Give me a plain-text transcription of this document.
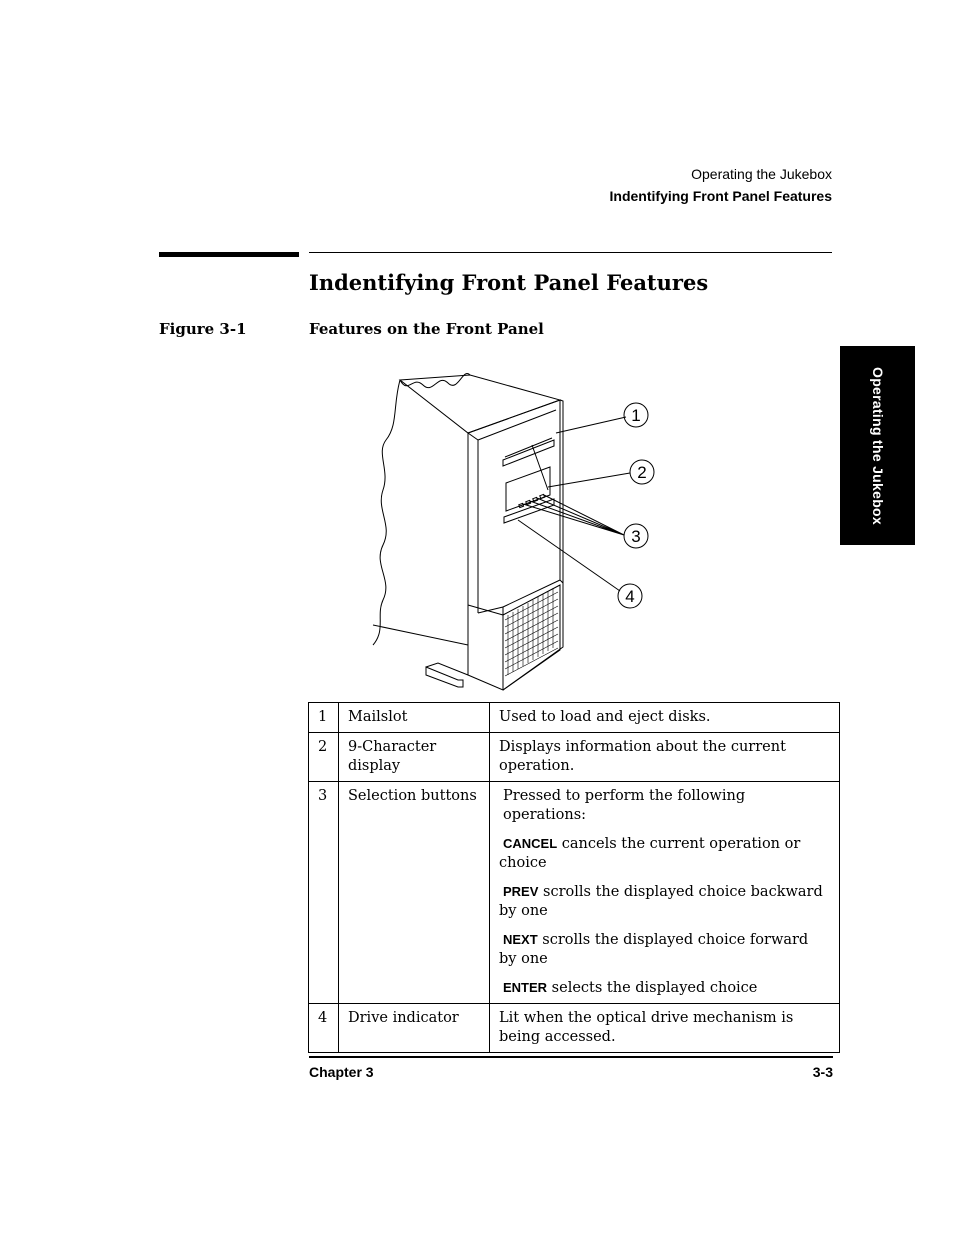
Operating the Jukebox
Indentifying Front Panel Features
Indentifying Front Panel Features
Figure 3-1	Features on the Front Panel
Operating the Jukebox
1
2
3
4
1	Mailslot	Used to load and eject disks.
2	9-Character display	Displays information about the current operation.
3	Selection buttons	Pressed to perform the following operations:

CANCEL cancels the current operation or choice

PREV scrolls the displayed choice backward by one

NEXT scrolls the displayed choice forward by one

ENTER selects the displayed choice

4	Drive indicator	Lit when the optical drive mechanism is being accessed.
Chapter 3	3-3
